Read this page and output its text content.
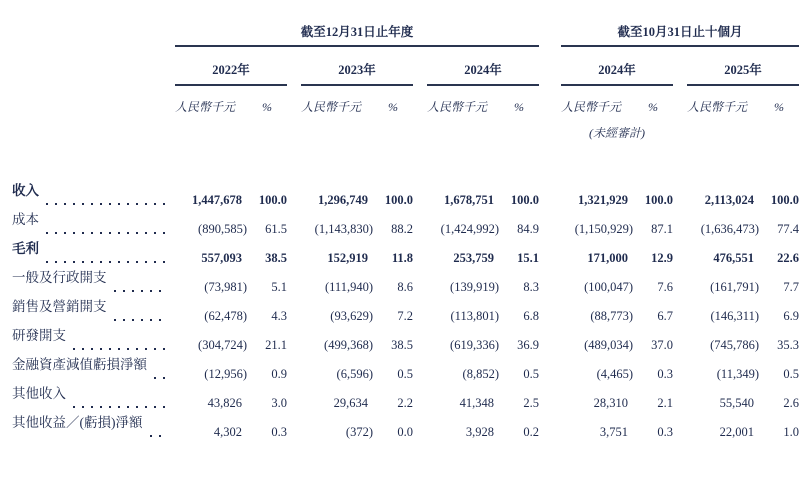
	截至12月31日止年度									截至10月31日止十個月				
	2022年			2023年			2024年			2024年			2025年	
	人民幣千元	%		人民幣千元	%		人民幣千元	%		人民幣千元	%		人民幣千元	%
										(未經審計)				

收入
1,447,678	100.0		1,296,749	100.0		1,678,751	100.0		1,321,929	100.0		2,113,024	100.0

成本
(890,585)	61.5		(1,143,830)	88.2		(1,424,992)	84.9		(1,150,929)	87.1		(1,636,473)	77.4

毛利
557,093	38.5		152,919	11.8		253,759	15.1		171,000	12.9		476,551	22.6

一般及行政開支
(73,981)	5.1		(111,940)	8.6		(139,919)	8.3		(100,047)	7.6		(161,791)	7.7

銷售及營銷開支
(62,478)	4.3		(93,629)	7.2		(113,801)	6.8		(88,773)	6.7		(146,311)	6.9

研發開支
(304,724)	21.1		(499,368)	38.5		(619,336)	36.9		(489,034)	37.0		(745,786)	35.3

金融資產減值虧損淨額
(12,956)	0.9		(6,596)	0.5		(8,852)	0.5		(4,465)	0.3		(11,349)	0.5

其他收入
43,826	3.0		29,634	2.2		41,348	2.5		28,310	2.1		55,540	2.6

其他收益／(虧損)淨額
4,302	0.3		(372)	0.0		3,928	0.2		3,751	0.3		22,001	1.0
